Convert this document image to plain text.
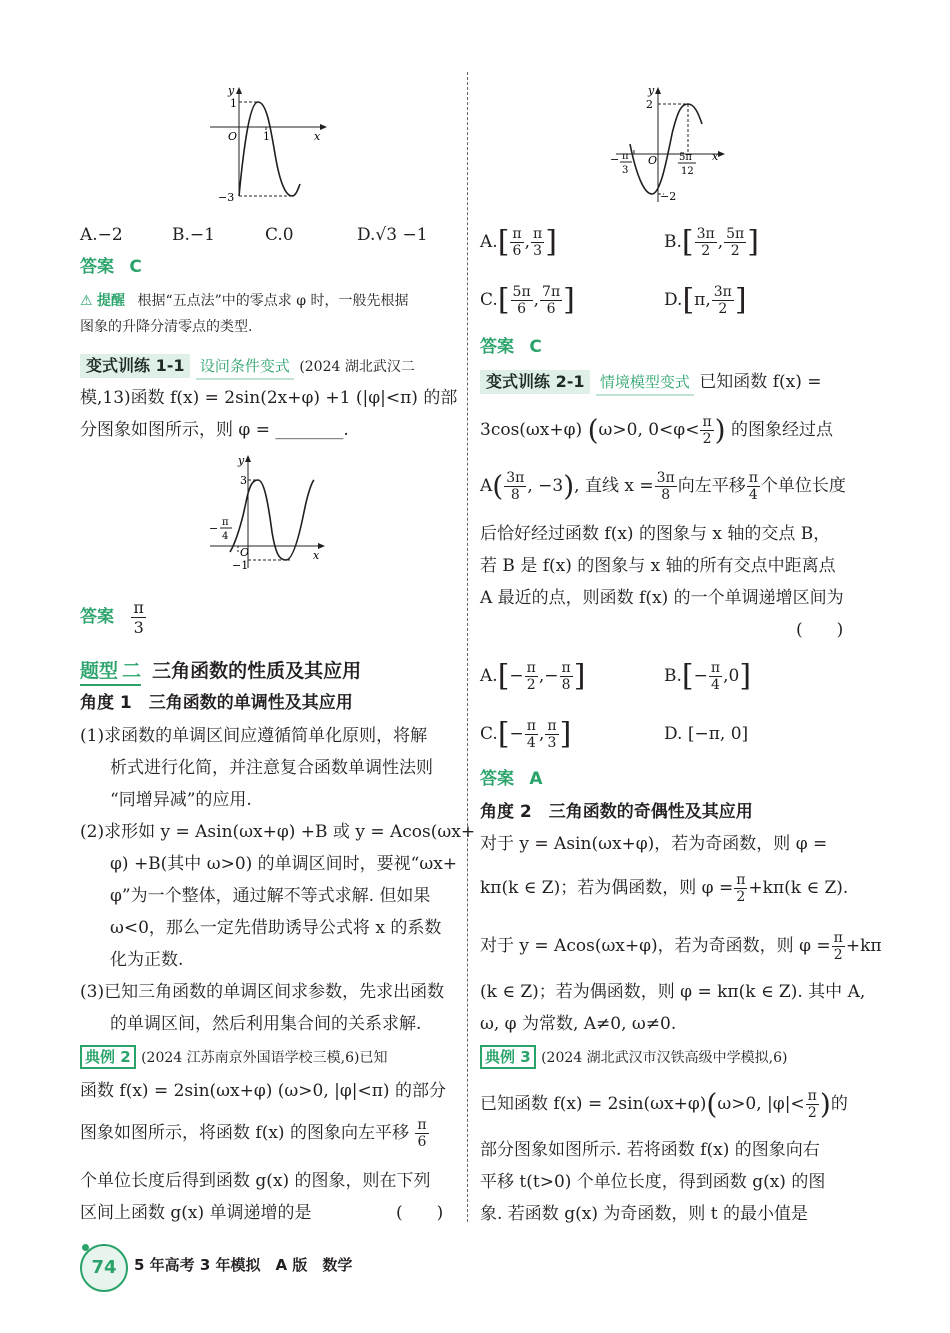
y
x
O
1
1
−3
A.−2	B.−1	C.0	D.√3 −1
答案 C
⚠ 提醒 根据“五点法”中的零点求 φ 时，一般先根据
图象的升降分清零点的类型.
变式训练 1-1 设问条件变式 (2024 湖北武汉二
模,13)函数 f(x) = 2sin(2x+φ) +1 (|φ|<π) 的部
分图象如图所示，则 φ = ________.
y
x
O
3
−1
− π
4
答案 $\frac{\pi}{3}$
题型 二 三角函数的性质及其应用
角度 1　三角函数的单调性及其应用
(1)求函数的单调区间应遵循简单化原则，将解
析式进行化简，并注意复合函数单调性法则
“同增异减”的应用.
(2)求形如 y = Asin(ωx+φ) +B 或 y = Acos(ωx+
φ) +B(其中 ω>0) 的单调区间时，要视“ωx+
φ”为一个整体，通过解不等式求解. 但如果
ω<0，那么一定先借助诱导公式将 x 的系数
化为正数.
(3)已知三角函数的单调区间求参数，先求出函数
的单调区间，然后利用集合间的关系求解.
典例 2 (2024 江苏南京外国语学校三模,6)已知
函数 f(x) = 2sin(ωx+φ) (ω>0, |φ|<π) 的部分
图象如图所示，将函数 f(x) 的图象向左平移 $\frac{\pi}{6}$
个单位长度后得到函数 g(x) 的图象，则在下列
区间上函数 g(x) 单调递增的是	(　　)
74	5 年高考 3 年模拟　A 版　数学
y
x
O
2
−2
− π
3
5π
12
$A.[ \frac{\pi}{6}$ , $\frac{\pi}{3}$ ]	$B.[ \frac{3\pi}{2}$ , $\frac{5\pi}{2}$ ]
$C.[ \frac{5\pi}{6}$ , $\frac{7\pi}{6}$ ]	D.[π, $\frac{3\pi}{2}$ ]
答案 C
变式训练 2-1 情境模型变式 已知函数 f(x) =
3cos(ωx+φ) (ω>0, $0<\varphi< \frac{\pi}{2}$ ) 的图象经过点
$A( \frac{3\pi}{8}$ , −3), 直线 $x = \frac{3\pi}{8}$ 向左平移 $\frac{\pi}{4}$ 个单位长度
后恰好经过函数 f(x) 的图象与 x 轴的交点 B，
若 B 是 f(x) 的图象与 x 轴的所有交点中距离点
A 最近的点，则函数 f(x) 的一个单调递增区间为
(　　)
$A.[- \frac{\pi}{2}$ ,− $\frac{\pi}{8}$ ]	$B.[- \frac{\pi}{4} ,0]$
$C.[- \frac{\pi}{4}$ , $\frac{\pi}{3}$ ]	D. [−π, 0]
答案 A
角度 2　三角函数的奇偶性及其应用
对于 y = Asin(ωx+φ)，若为奇函数，则 φ =
kπ(k ∈ Z)；若为偶函数，则 $\varphi = \frac{\pi}{2} +k\pi(k$ ∈ Z).
对于 y = Acos(ωx+φ)，若为奇函数，则 $\varphi = \frac{\pi}{2} +k\pi$
(k ∈ Z)；若为偶函数，则 φ = kπ(k ∈ Z). 其中 A,
ω, φ 为常数, A≠0, ω≠0.
典例 3 (2024 湖北武汉市汉铁高级中学模拟,6)
已知函数 f(x) = 2sin(ωx+φ)(ω>0, $|\varphi|< \frac{\pi}{2}$ )的
部分图象如图所示. 若将函数 f(x) 的图象向右
平移 t(t>0) 个单位长度，得到函数 g(x) 的图
象. 若函数 g(x) 为奇函数，则 t 的最小值是
